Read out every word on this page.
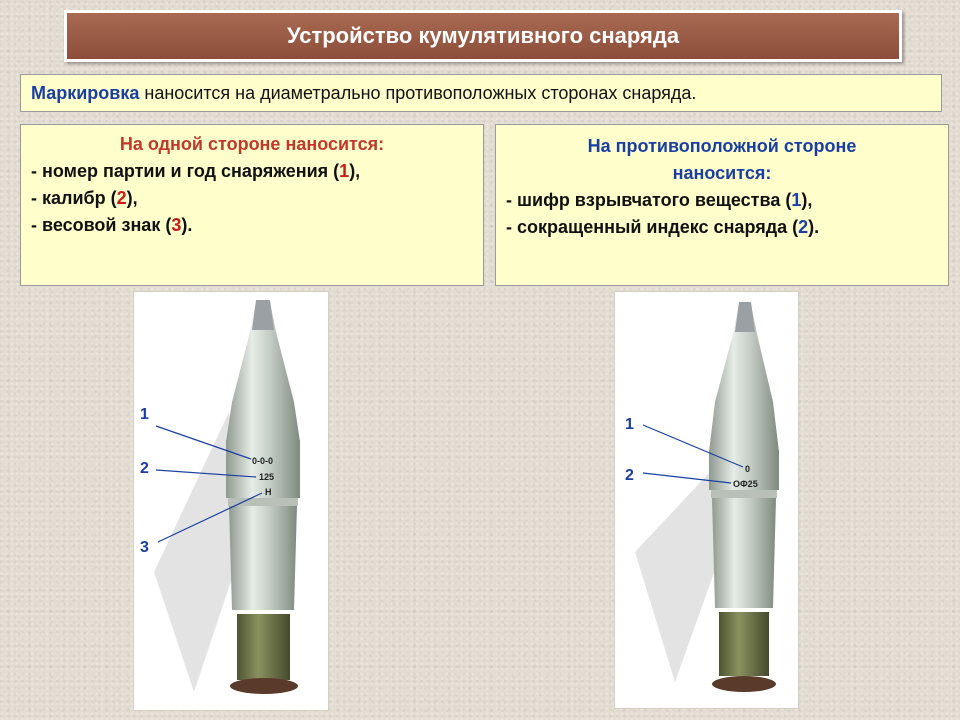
Устройство кумулятивного снаряда
Маркировка наносится на диаметрально противоположных сторонах снаряда.
На одной стороне наносится:
- номер партии и год снаряжения (1),
- калибр (2),
- весовой знак (3).
На противоположной стороне
наносится:
- шифр взрывчатого вещества (1),
- сокращенный индекс снаряда (2).
0-0-0
125
Н
1
2
3
0
ОФ25
1
2
